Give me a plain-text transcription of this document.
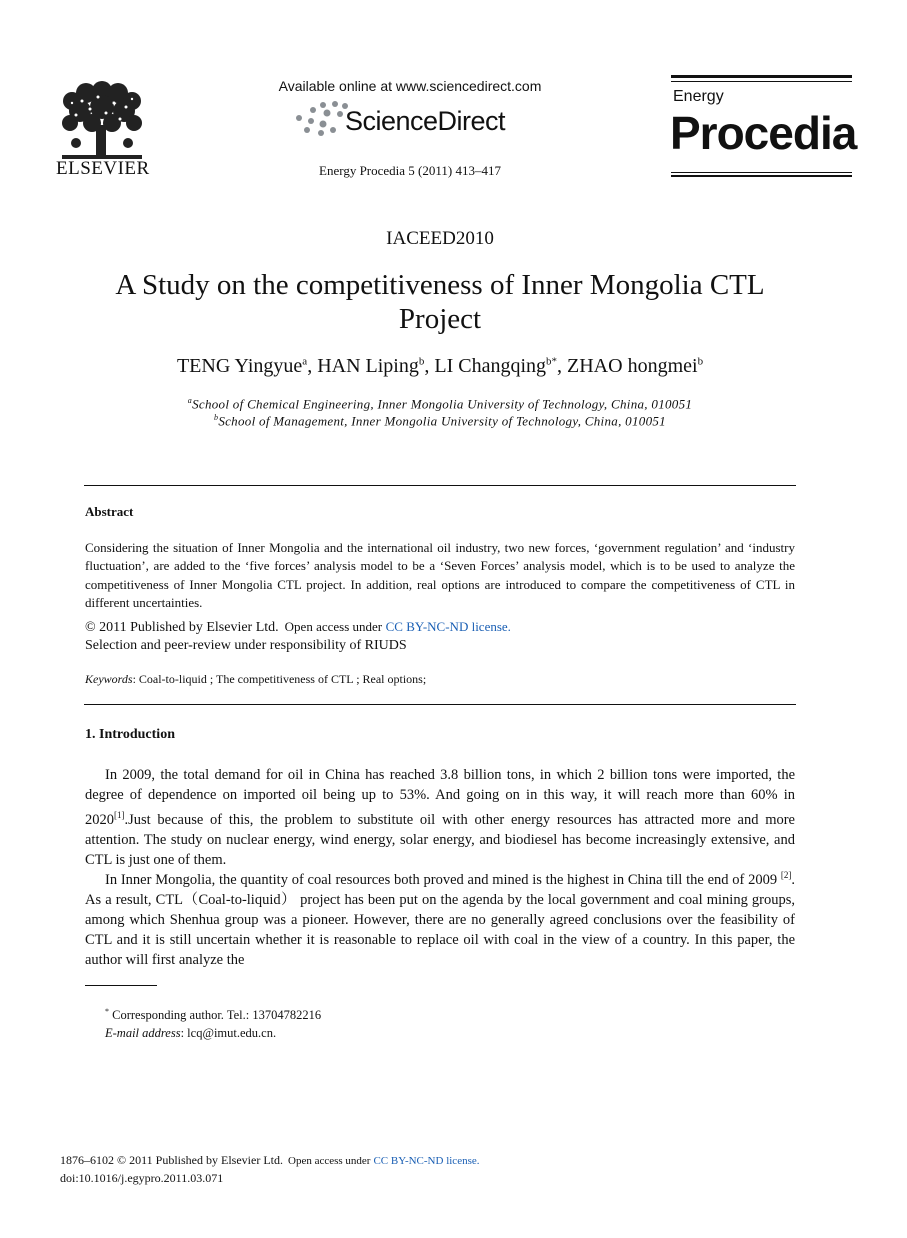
ELSEVIER
Available online at www.sciencedirect.com
ScienceDirect
Energy Procedia 5 (2011) 413–417
Energy
Procedia
IACEED2010
A Study on the competitiveness of Inner Mongolia CTL Project
TENG Yingyue$^a$, HAN Liping$^b$, LI Changqing$^{b*}$, ZHAO hongmei$^b$
$^a$School of Chemical Engineering, Inner Mongolia University of Technology, China, 010051
$^b$School of Management, Inner Mongolia University of Technology, China, 010051
Abstract
Considering the situation of Inner Mongolia and the international oil industry, two new forces, ‘government regulation’ and ‘industry fluctuation’, are added to the ‘five forces’ analysis model to be a ‘Seven Forces’ analysis model, which is to be used to analyze the competitiveness of Inner Mongolia CTL project. In addition, real options are introduced to compare the competitiveness of CTL in different uncertainties.
© 2011 Published by Elsevier Ltd. Open access under CC BY-NC-ND license.
Selection and peer-review under responsibility of RIUDS
Keywords: Coal-to-liquid ; The competitiveness of CTL ; Real options;
1. Introduction
In 2009, the total demand for oil in China has reached 3.8 billion tons, in which 2 billion tons were imported, the degree of dependence on imported oil being up to 53%. And going on in this way, it will reach more than 60% in 2020[1].Just because of this, the problem to substitute oil with other energy resources has attracted more and more attention. The study on nuclear energy, wind energy, solar energy, and biodiesel has become increasingly extensive, and CTL is just one of them.
In Inner Mongolia, the quantity of coal resources both proved and mined is the highest in China till the end of 2009 [2]. As a result, CTL（Coal-to-liquid） project has been put on the agenda by the local government and coal mining groups, among which Shenhua group was a pioneer. However, there are no generally agreed conclusions over the feasibility of CTL and it is still uncertain whether it is reasonable to replace oil with coal in the view of a country. In this paper, the author will first analyze the
* Corresponding author. Tel.: 13704782216
E-mail address: lcq@imut.edu.cn.
1876–6102 © 2011 Published by Elsevier Ltd. Open access under CC BY-NC-ND license.
doi:10.1016/j.egypro.2011.03.071
